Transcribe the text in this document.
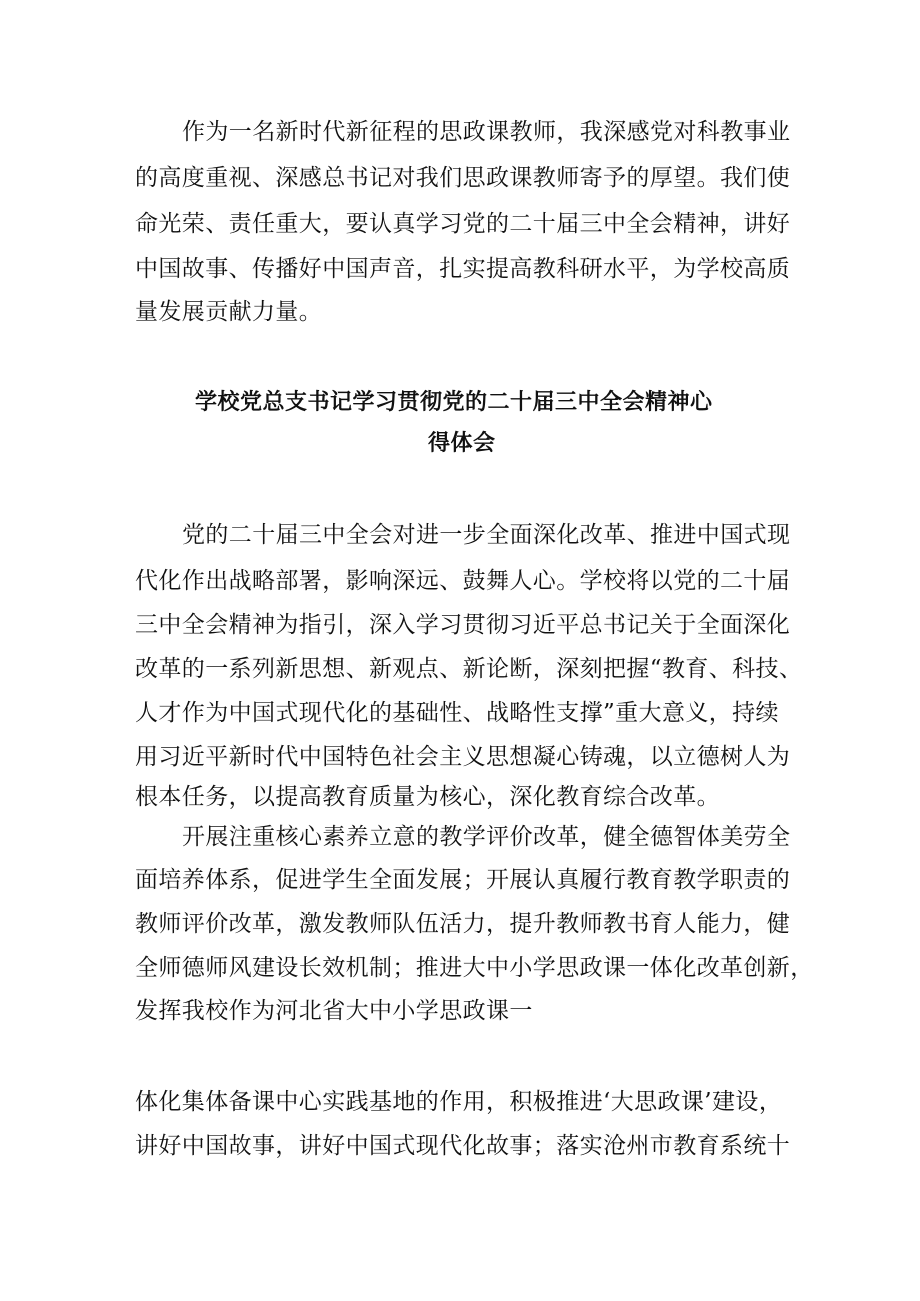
作为一名新时代新征程的思政课教师，我深感党对科教事业
的高度重视、深感总书记对我们思政课教师寄予的厚望。我们使
命光荣、责任重大，要认真学习党的二十届三中全会精神，讲好
中国故事、传播好中国声音，扎实提高教科研水平，为学校高质
量发展贡献力量。
学校党总支书记学习贯彻党的二十届三中全会精神心
得体会
党的二十届三中全会对进一步全面深化改革、推进中国式现
代化作出战略部署，影响深远、鼓舞人心。学校将以党的二十届
三中全会精神为指引，深入学习贯彻习近平总书记关于全面深化
改革的一系列新思想、新观点、新论断，深刻把握“教育、科技、
人才作为中国式现代化的基础性、战略性支撑”重大意义，持续
用习近平新时代中国特色社会主义思想凝心铸魂，以立德树人为
根本任务，以提高教育质量为核心，深化教育综合改革。
开展注重核心素养立意的教学评价改革，健全德智体美劳全
面培养体系，促进学生全面发展；开展认真履行教育教学职责的
教师评价改革，激发教师队伍活力，提升教师教书育人能力，健
全师德师风建设长效机制；推进大中小学思政课一体化改革创新，
发挥我校作为河北省大中小学思政课一
体化集体备课中心实践基地的作用，积极推进‘大思政课’建设，
讲好中国故事，讲好中国式现代化故事；落实沧州市教育系统十
